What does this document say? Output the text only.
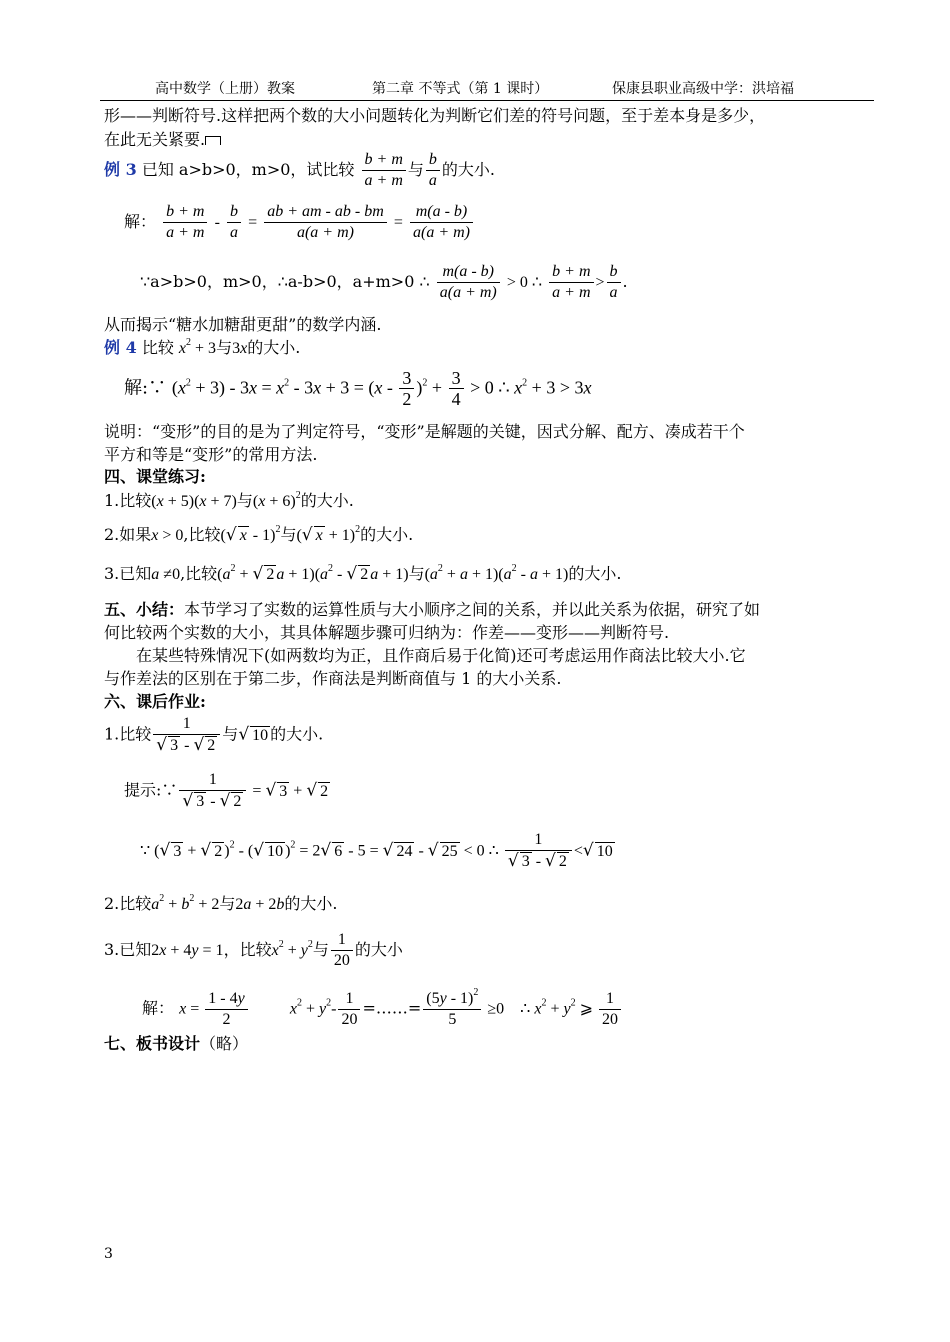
高中数学（上册）教案	第二章 不等式（第 1 课时）	保康县职业高级中学：洪培福
形——判断符号.这样把两个数的大小问题转化为判断它们差的符号问题，至于差本身是多少，
在此无关紧要.
例 3 已知 a>b>0，m>0，试比较 $\frac{b + m}{a + m}$ 与 $\frac{b}{a}$ 的大小.
解： $\frac{b + m}{a + m} - \frac{b}{a} = \frac{ab + am - ab - bm}{a(a + m)} = \frac{m(a - b)}{a(a + m)}$
∵a>b>0，m>0，∴a-b>0，a+m>0 ∴ $\frac{m(a - b)}{a(a + m)} > 0$ ∴ $\frac{b + m}{a + m} > \frac{b}{a}$ .
从而揭示“糖水加糖甜更甜”的数学内涵.
例 4 比较 $x^2 + 3$与3x的大小.
解:∵ $(x^2 + 3) - 3x = x^2 - 3x + 3 = (x - \frac{3}{2} )^2 + \frac{3}{4} > 0$ ∴ $x^2 + 3 > 3x$
说明：“变形”的目的是为了判定符号，“变形”是解题的关键，因式分解、配方、凑成若干个
平方和等是“变形”的常用方法.
四、课堂练习:
1.比较(x + 5)(x + 7)与$(x + 6)^2$的大小.
2.如果x > 0,比较(√ x - 1)$^2$与(√ x + 1)$^2$的大小.
3.已知a ≠0,比较($a^2$ + √ 2 $a + 1)(a^2$ - √ 2 a + 1)与$(a^2 + a + 1)(a^2 - a + 1)$的大小.
五、小结：本节学习了实数的运算性质与大小顺序之间的关系，并以此关系为依据，研究了如
何比较两个实数的大小，其具体解题步骤可归纳为：作差——变形——判断符号.
在某些特殊情况下(如两数均为正，且作商后易于化简)还可考虑运用作商法比较大小.它
与作差法的区别在于第二步，作商法是判断商值与 1 的大小关系.
六、课后作业:
1.比较 $\frac{1}{√ 3 - √ 2}$ 与√ 10 的大小.
提示:∵ $\frac{1}{√ 3 - √ 2}$ = √ 3 + √ 2
∵ (√ 3 + √ 2 )$^2$ - (√ 10 )$^2$ = 2√ 6 - 5 = √ 24 - √ 25 < 0 ∴ $\frac{1}{√ 3 - √ 2}$ <√ 10
2.比较$a^2 + b^2 + 2$与2a + 2b的大小.
3.已知2x + 4y = 1，比较$x^2 + y^2$与 $\frac{1}{20}$ 的大小
解： $x = \frac{1 - 4y}{2}$	$x^2 + y^2- \frac{1}{20}$ =……= $\frac{(5y - 1)^2}{5} \ge 0$    ∴ $x^2 + y^2$ ⩾ $\frac{1}{20}$
七、板书设计（略）
3
